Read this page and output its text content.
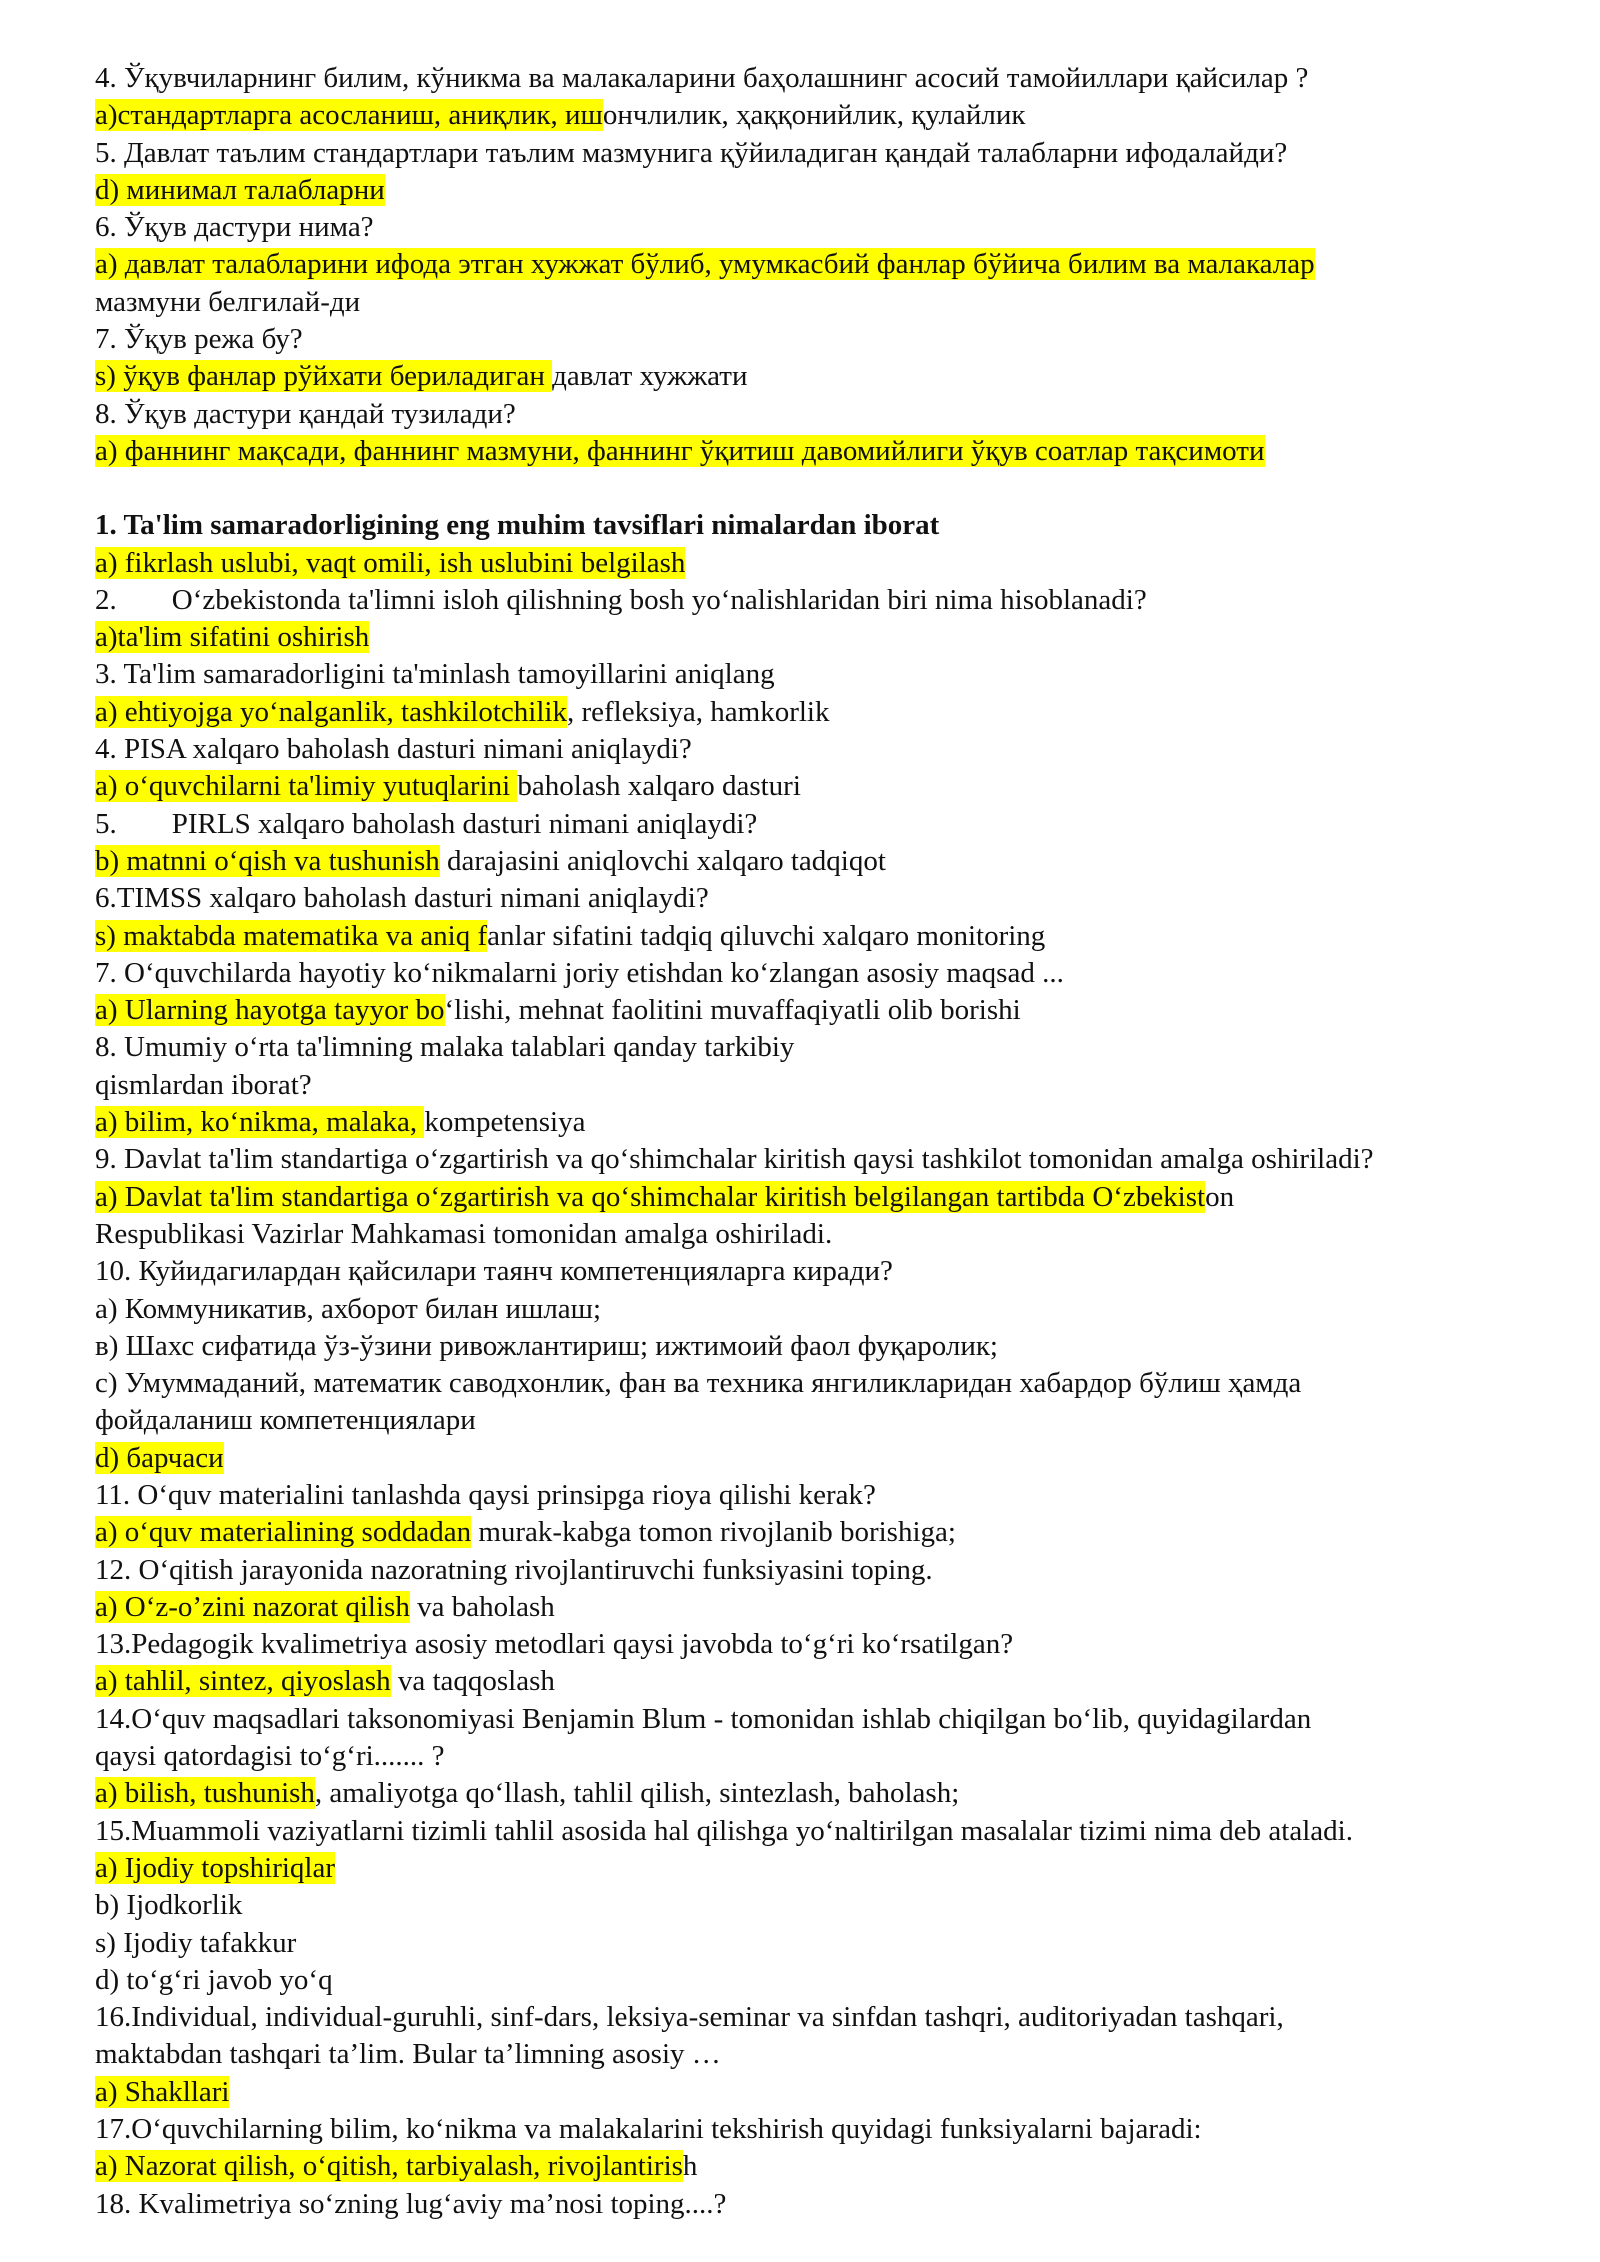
4. Ўқувчиларнинг билим, кўникма ва малакаларини баҳолашнинг асосий тамойиллари қайсилар ?
а)стандартларга асосланиш, аниқлик, ишончлилик, ҳаққонийлик, қулайлик
5. Давлат таълим стандартлари таълим мазмунига қўйиладиган қандай талабларни ифодалайди?
d) минимал талабларни
6. Ўқув дастури нима?
а) давлат талабларини ифода этган хужжат бўлиб, умумкасбий фанлар бўйича билим ва малакалар
мазмуни белгилай-ди
7. Ўқув режа бу?
s) ўқув фанлар рўйхати бериладиган давлат хужжати
8. Ўқув дастури қандай тузилади?
а) фаннинг мақсади, фаннинг мазмуни, фаннинг ўқитиш давомийлиги ўқув соатлар тақсимоти
1. Ta'lim samaradorligining eng muhim tavsiflari nimalardan iborat
a) fikrlash uslubi, vaqt omili, ish uslubini belgilash
2. O‘zbekistonda ta'limni isloh qilishning bosh yo‘nalishlaridan biri nima hisoblanadi?
a)ta'lim sifatini oshirish
3. Ta'lim samaradorligini ta'minlash tamoyillarini aniqlang
a) ehtiyojga yo‘nalganlik, tashkilotchilik, refleksiya, hamkorlik
4. PISA xalqaro baholash dasturi nimani aniqlaydi?
a) o‘quvchilarni ta'limiy yutuqlarini baholash xalqaro dasturi
5. PIRLS xalqaro baholash dasturi nimani aniqlaydi?
b) matnni o‘qish va tushunish darajasini aniqlovchi xalqaro tadqiqot
6.TIMSS xalqaro baholash dasturi nimani aniqlaydi?
s) maktabda matematika va aniq fanlar sifatini tadqiq qiluvchi xalqaro monitoring
7. O‘quvchilarda hayotiy ko‘nikmalarni joriy etishdan ko‘zlangan asosiy maqsad ...
a) Ularning hayotga tayyor bo‘lishi, mehnat faolitini muvaffaqiyatli olib borishi
8. Umumiy o‘rta ta'limning malaka talablari qanday tarkibiy
qismlardan iborat?
a) bilim, ko‘nikma, malaka, kompetensiya
9. Davlat ta'lim standartiga o‘zgartirish va qo‘shimchalar kiritish qaysi tashkilot tomonidan amalga oshiriladi?
a) Davlat ta'lim standartiga o‘zgartirish va qo‘shimchalar kiritish belgilangan tartibda O‘zbekiston
Respublikasi Vazirlar Mahkamasi tomonidan amalga oshiriladi.
10. Куйидагилардан қайсилари таянч компетенцияларга киради?
а) Коммуникатив, ахборот билан ишлаш;
в) Шахс сифатида ўз-ўзини ривожлантириш; ижтимоий фаол фуқаролик;
с) Умуммаданий, математик саводхонлик, фан ва техника янгиликларидан хабардор бўлиш ҳамда
фойдаланиш компетенциялари
d) барчаси
11. O‘quv materialini tanlashda qaysi prinsipga rioya qilishi kerak?
a) o‘quv materialining soddadan murak-kabga tomon rivojlanib borishiga;
12. O‘qitish jarayonida nazoratning rivojlantiruvchi funksiyasini toping.
a) O‘z-o’zini nazorat qilish va baholash
13.Pedagogik kvalimetriya asosiy metodlari qaysi javobda to‘g‘ri ko‘rsatilgan?
a) tahlil, sintez, qiyoslash va taqqoslash
14.O‘quv maqsadlari taksonomiyasi Benjamin Blum - tomonidan ishlab chiqilgan bo‘lib, quyidagilardan
qaysi qatordagisi to‘g‘ri....... ?
a) bilish, tushunish, amaliyotga qo‘llash, tahlil qilish, sintezlash, baholash;
15.Muammoli vaziyatlarni tizimli tahlil asosida hal qilishga yo‘naltirilgan masalalar tizimi nima deb ataladi.
a) Ijodiy topshiriqlar
b) Ijodkorlik
s) Ijodiy tafakkur
d) to‘g‘ri javob yo‘q
16.Individual, individual-guruhli, sinf-dars, leksiya-seminar va sinfdan tashqri, auditoriyadan tashqari,
maktabdan tashqari ta’lim. Bular ta’limning asosiy …
a) Shakllari
17.O‘quvchilarning bilim, ko‘nikma va malakalarini tekshirish quyidagi funksiyalarni bajaradi:
a) Nazorat qilish, o‘qitish, tarbiyalash, rivojlantirish
18. Kvalimetriya so‘zning lug‘aviy ma’nosi toping....?
